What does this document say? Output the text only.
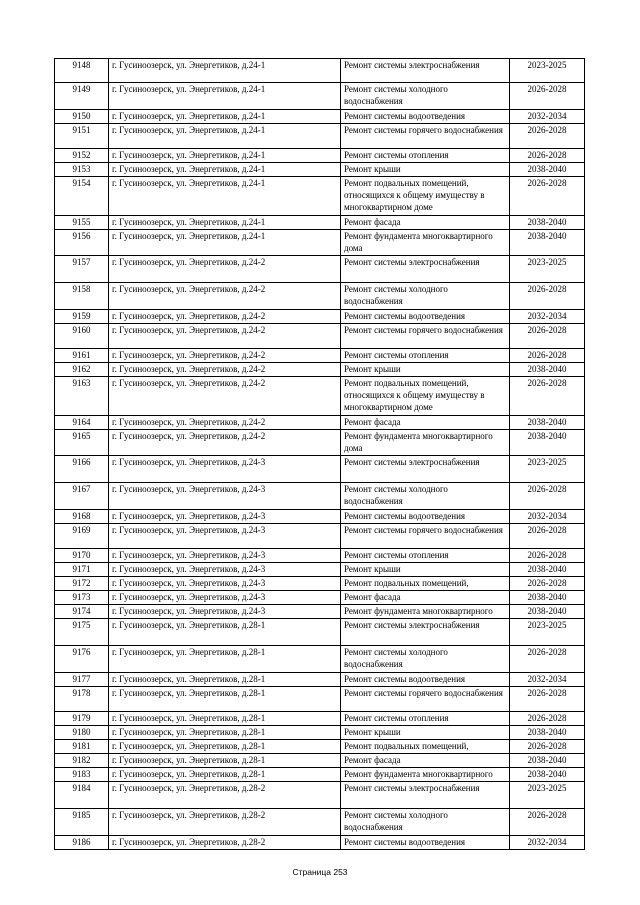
9148	г. Гусиноозерск, ул. Энергетиков, д.24-1	Ремонт системы электроснабжения	2023-2025
9149	г. Гусиноозерск, ул. Энергетиков, д.24-1	Ремонт системы холодного водоснабжения	2026-2028
9150	г. Гусиноозерск, ул. Энергетиков, д.24-1	Ремонт системы водоотведения	2032-2034
9151	г. Гусиноозерск, ул. Энергетиков, д.24-1	Ремонт системы горячего водоснабжения	2026-2028
9152	г. Гусиноозерск, ул. Энергетиков, д.24-1	Ремонт системы отопления	2026-2028
9153	г. Гусиноозерск, ул. Энергетиков, д.24-1	Ремонт крыши	2038-2040
9154	г. Гусиноозерск, ул. Энергетиков, д.24-1	Ремонт подвальных помещений, относящихся к общему имуществу в многоквартирном доме	2026-2028
9155	г. Гусиноозерск, ул. Энергетиков, д.24-1	Ремонт фасада	2038-2040
9156	г. Гусиноозерск, ул. Энергетиков, д.24-1	Ремонт фундамента многоквартирного дома	2038-2040
9157	г. Гусиноозерск, ул. Энергетиков, д.24-2	Ремонт системы электроснабжения	2023-2025
9158	г. Гусиноозерск, ул. Энергетиков, д.24-2	Ремонт системы холодного водоснабжения	2026-2028
9159	г. Гусиноозерск, ул. Энергетиков, д.24-2	Ремонт системы водоотведения	2032-2034
9160	г. Гусиноозерск, ул. Энергетиков, д.24-2	Ремонт системы горячего водоснабжения	2026-2028
9161	г. Гусиноозерск, ул. Энергетиков, д.24-2	Ремонт системы отопления	2026-2028
9162	г. Гусиноозерск, ул. Энергетиков, д.24-2	Ремонт крыши	2038-2040
9163	г. Гусиноозерск, ул. Энергетиков, д.24-2	Ремонт подвальных помещений, относящихся к общему имуществу в многоквартирном доме	2026-2028
9164	г. Гусиноозерск, ул. Энергетиков, д.24-2	Ремонт фасада	2038-2040
9165	г. Гусиноозерск, ул. Энергетиков, д.24-2	Ремонт фундамента многоквартирного дома	2038-2040
9166	г. Гусиноозерск, ул. Энергетиков, д.24-3	Ремонт системы электроснабжения	2023-2025
9167	г. Гусиноозерск, ул. Энергетиков, д.24-3	Ремонт системы холодного водоснабжения	2026-2028
9168	г. Гусиноозерск, ул. Энергетиков, д.24-3	Ремонт системы водоотведения	2032-2034
9169	г. Гусиноозерск, ул. Энергетиков, д.24-3	Ремонт системы горячего водоснабжения	2026-2028
9170	г. Гусиноозерск, ул. Энергетиков, д.24-3	Ремонт системы отопления	2026-2028
9171	г. Гусиноозерск, ул. Энергетиков, д.24-3	Ремонт крыши	2038-2040
9172	г. Гусиноозерск, ул. Энергетиков, д.24-3	Ремонт подвальных помещений,	2026-2028
9173	г. Гусиноозерск, ул. Энергетиков, д.24-3	Ремонт фасада	2038-2040
9174	г. Гусиноозерск, ул. Энергетиков, д.24-3	Ремонт фундамента многоквартирного	2038-2040
9175	г. Гусиноозерск, ул. Энергетиков, д.28-1	Ремонт системы электроснабжения	2023-2025
9176	г. Гусиноозерск, ул. Энергетиков, д.28-1	Ремонт системы холодного водоснабжения	2026-2028
9177	г. Гусиноозерск, ул. Энергетиков, д.28-1	Ремонт системы водоотведения	2032-2034
9178	г. Гусиноозерск, ул. Энергетиков, д.28-1	Ремонт системы горячего водоснабжения	2026-2028
9179	г. Гусиноозерск, ул. Энергетиков, д.28-1	Ремонт системы отопления	2026-2028
9180	г. Гусиноозерск, ул. Энергетиков, д.28-1	Ремонт крыши	2038-2040
9181	г. Гусиноозерск, ул. Энергетиков, д.28-1	Ремонт подвальных помещений,	2026-2028
9182	г. Гусиноозерск, ул. Энергетиков, д.28-1	Ремонт фасада	2038-2040
9183	г. Гусиноозерск, ул. Энергетиков, д.28-1	Ремонт фундамента многоквартирного	2038-2040
9184	г. Гусиноозерск, ул. Энергетиков, д.28-2	Ремонт системы электроснабжения	2023-2025
9185	г. Гусиноозерск, ул. Энергетиков, д.28-2	Ремонт системы холодного водоснабжения	2026-2028
9186	г. Гусиноозерск, ул. Энергетиков, д.28-2	Ремонт системы водоотведения	2032-2034
Страница 253
